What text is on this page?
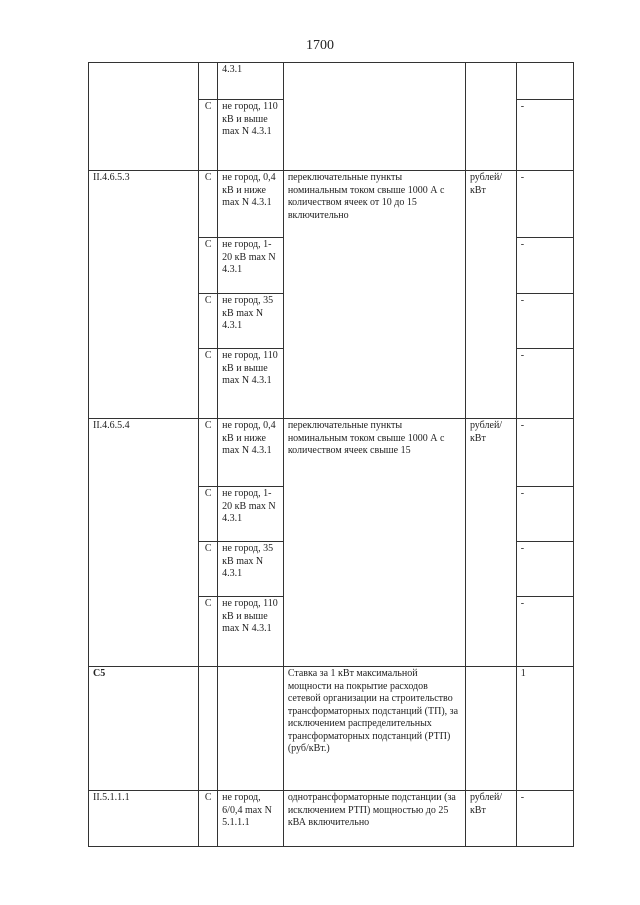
1700
		4.3.1			
	C	не город, 110 кВ и выше max N 4.3.1			-
II.4.6.5.3	C	не город, 0,4 кВ и ниже max N 4.3.1	переключательные пункты номинальным током свыше 1000 А с количеством ячеек от 10 до 15 включительно	рублей/ кВт	-
	C	не город, 1-20 кВ max N 4.3.1			-
	C	не город, 35 кВ max N 4.3.1			-
	C	не город, 110 кВ и выше max N 4.3.1			-
II.4.6.5.4	C	не город, 0,4 кВ и ниже max N 4.3.1	переключательные пункты номинальным током свыше 1000 А с количеством ячеек свыше 15	рублей/ кВт	-
	C	не город, 1-20 кВ max N 4.3.1			-
	C	не город, 35 кВ max N 4.3.1			-
	C	не город, 110 кВ и выше max N 4.3.1			-
C5			Ставка за 1 кВт максимальной мощности на покрытие расходов сетевой организации на строительство трансформаторных подстанций (ТП), за исключением распределительных трансформаторных подстанций (РТП) (руб/кВт.)		1
II.5.1.1.1	C	не город, 6/0,4 max N 5.1.1.1	однотрансформаторные подстанции (за исключением РТП) мощностью до 25 кВА включительно	рублей/ кВт	-
